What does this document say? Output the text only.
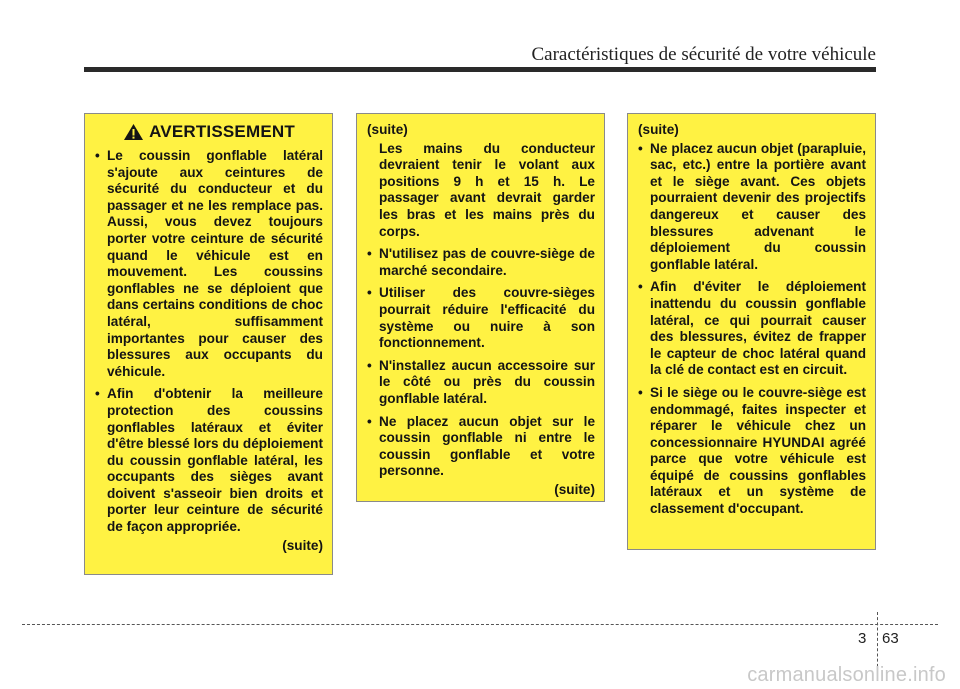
Caractéristiques de sécurité de votre véhicule
AVERTISSEMENT
• Le coussin gonflable latéral s'ajoute aux ceintures de sécurité du conducteur et du passager et ne les remplace pas. Aussi, vous devez toujours porter votre ceinture de sécurité quand le véhicule est en mouvement. Les coussins gonflables ne se déploient que dans certains conditions de choc latéral, suffisamment importantes pour causer des blessures aux occupants du véhicule.
• Afin d'obtenir la meilleure protection des coussins gonflables latéraux et éviter d'être blessé lors du déploiement du coussin gonflable latéral, les occupants des sièges avant doivent s'asseoir bien droits et porter leur ceinture de sécurité de façon appropriée.
(suite)
(suite)
Les mains du conducteur devraient tenir le volant aux positions 9 h et 15 h. Le passager avant devrait garder les bras et les mains près du corps.
• N'utilisez pas de couvre-siège de marché secondaire.
• Utiliser des couvre-sièges pourrait réduire l'efficacité du système ou nuire à son fonctionnement.
• N'installez aucun accessoire sur le côté ou près du coussin gonflable latéral.
• Ne placez aucun objet sur le coussin gonflable ni entre le coussin gonflable et votre personne.
(suite)
(suite)
• Ne placez aucun objet (parapluie, sac, etc.) entre la portière avant et le siège avant. Ces objets pourraient devenir des projectifs dangereux et causer des blessures advenant le déploiement du coussin gonflable latéral.
• Afin d'éviter le déploiement inattendu du coussin gonflable latéral, ce qui pourrait causer des blessures, évitez de frapper le capteur de choc latéral quand la clé de contact est en circuit.
• Si le siège ou le couvre-siège est endommagé, faites inspecter et réparer le véhicule chez un concessionnaire HYUNDAI agréé parce que votre véhicule est équipé de coussins gonflables latéraux et un système de classement d'occupant.
3 63
carmanualsonline.info
